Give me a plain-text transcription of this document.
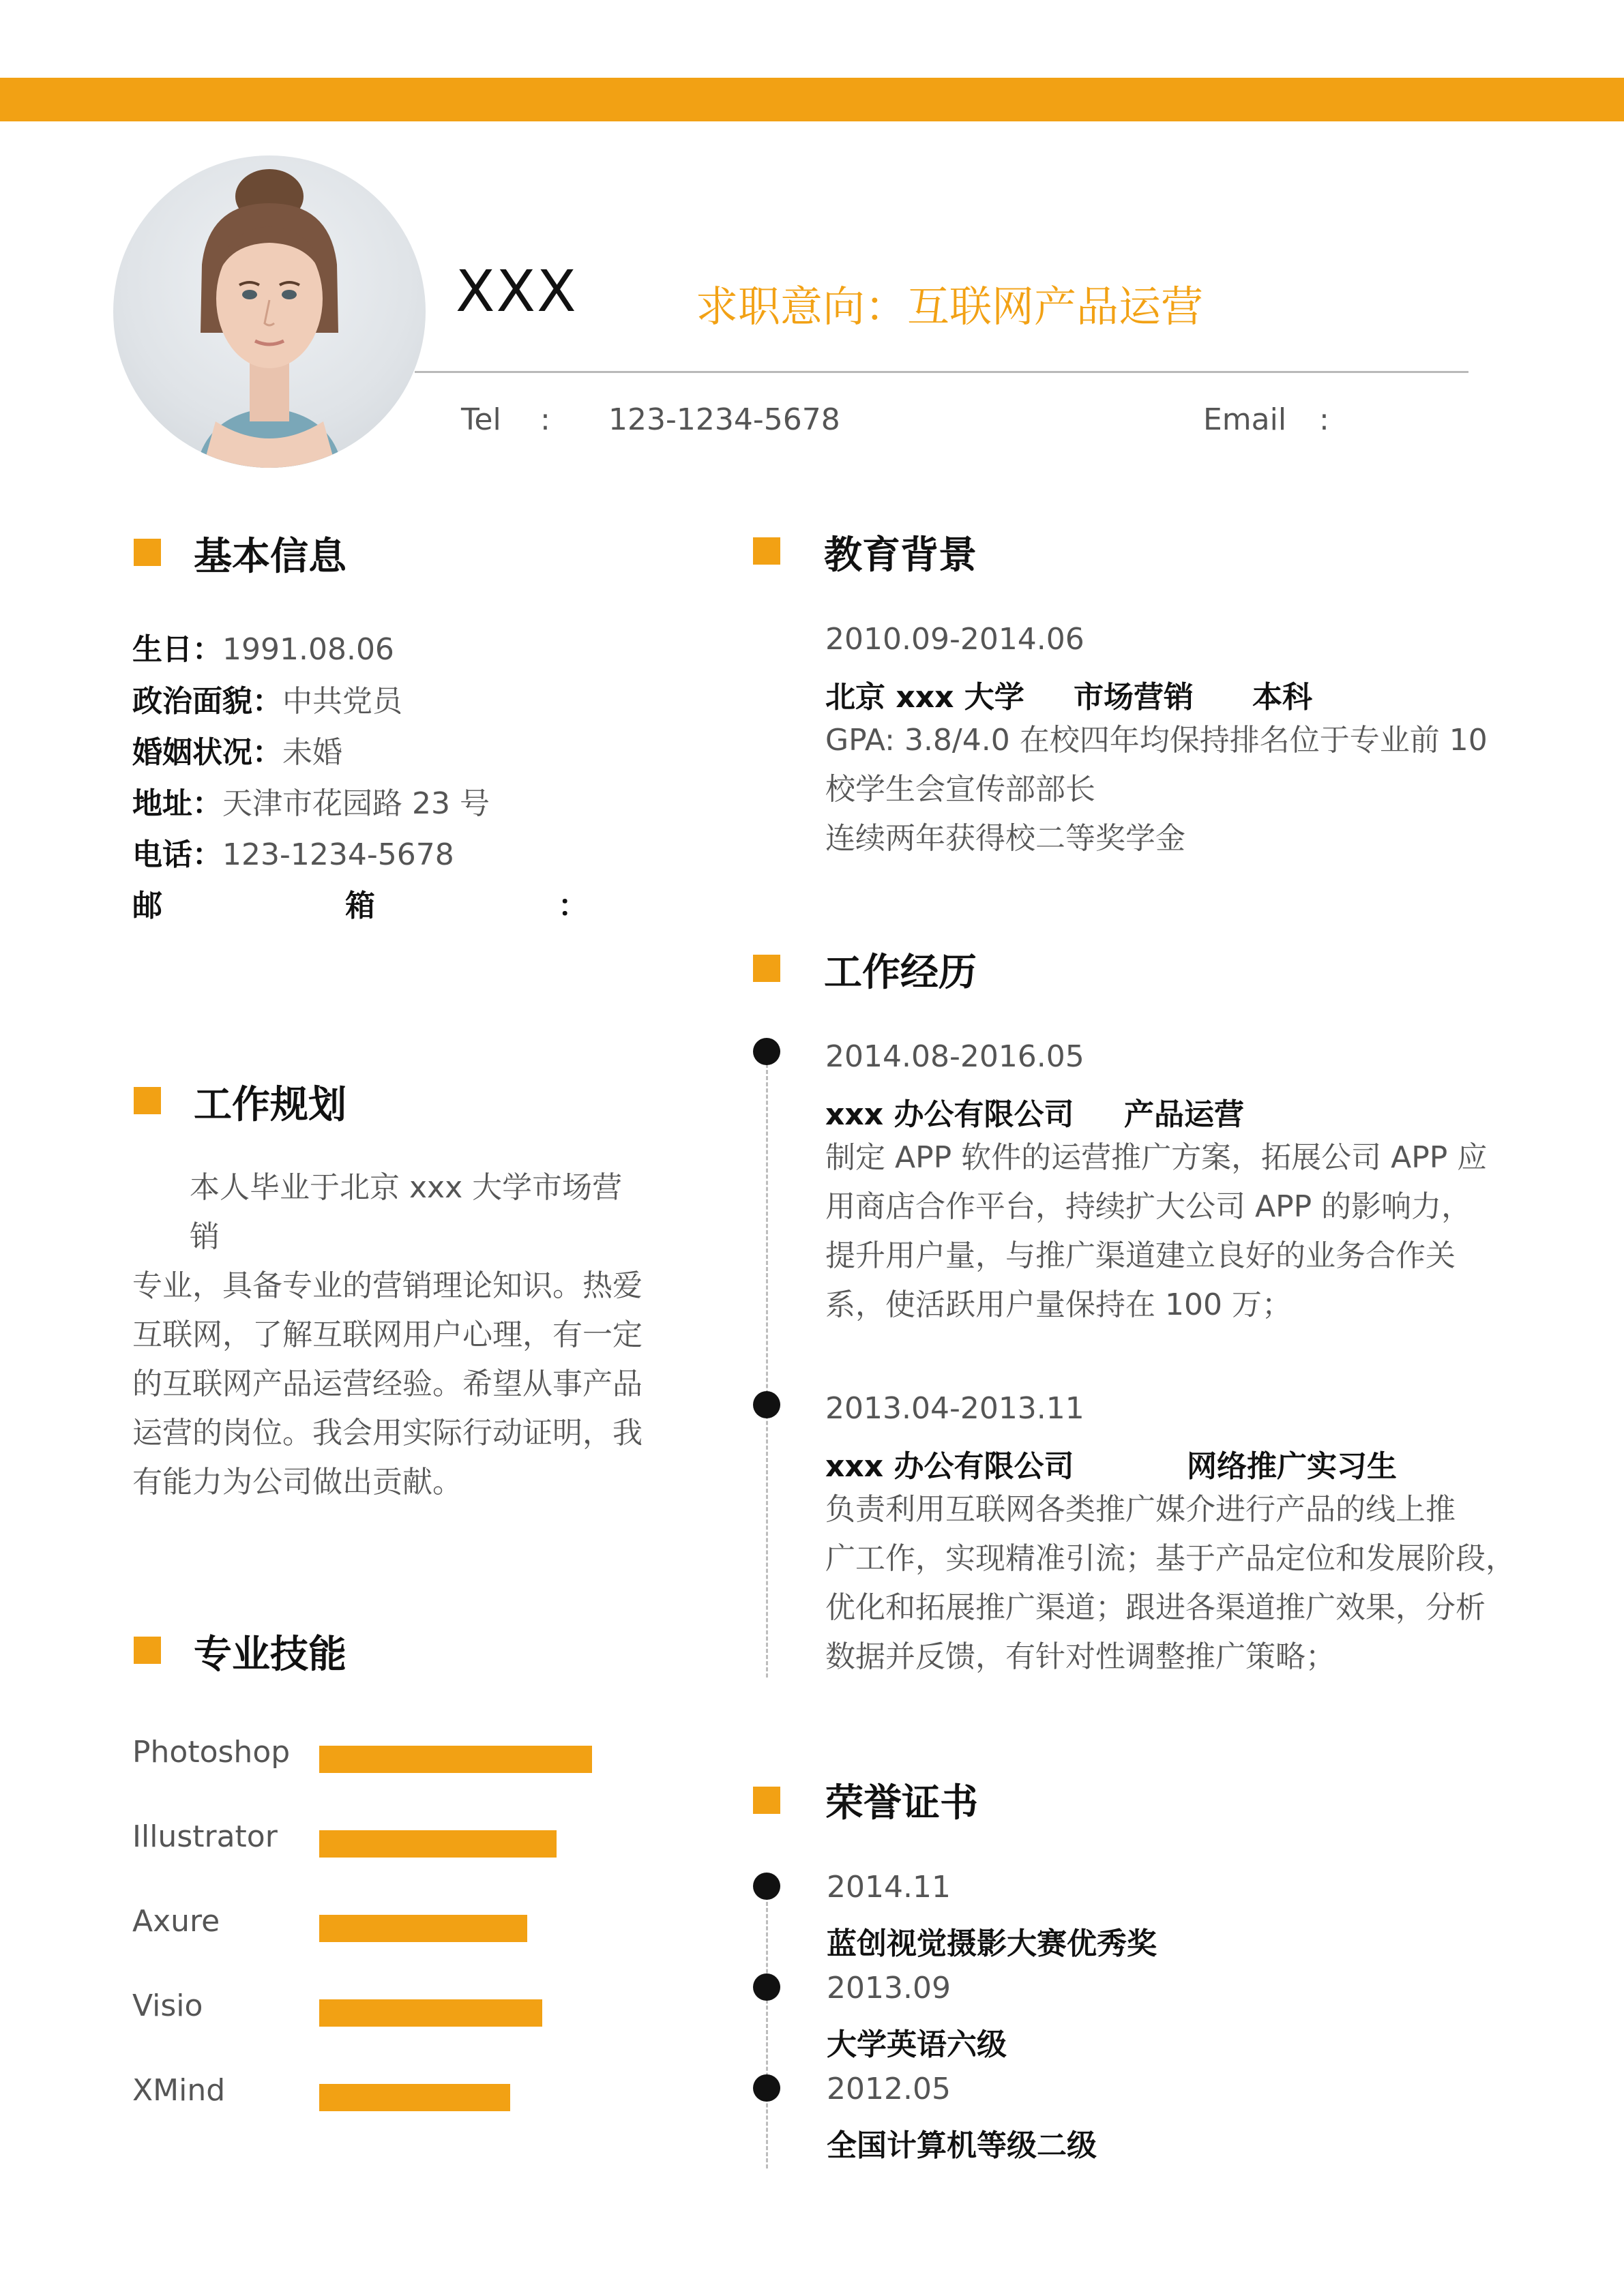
XXX	求职意向：互联网产品运营
Tel : 123-1234-5678	Email :
基本信息
生日：1991.08.06
政治面貌：中共党员
婚姻状况：未婚
地址：天津市花园路 23 号
电话：123-1234-5678
邮	箱	：
工作规划
本人毕业于北京 xxx 大学市场营销
专业，具备专业的营销理论知识。热爱
互联网，了解互联网用户心理，有一定
的互联网产品运营经验。希望从事产品
运营的岗位。我会用实际行动证明，我
有能力为公司做出贡献。
专业技能
Photoshop
Illustrator
Axure
Visio
XMind
教育背景
2010.09-2014.06
北京 xxx 大学 市场营销 本科
GPA: 3.8/4.0 在校四年均保持排名位于专业前 10
校学生会宣传部部长
连续两年获得校二等奖学金
工作经历
2014.08-2016.05
xxx 办公有限公司 产品运营
制定 APP 软件的运营推广方案，拓展公司 APP 应
用商店合作平台，持续扩大公司 APP 的影响力，
提升用户量，与推广渠道建立良好的业务合作关
系，使活跃用户量保持在 100 万；
2013.04-2013.11
xxx 办公有限公司	网络推广实习生
负责利用互联网各类推广媒介进行产品的线上推
广工作，实现精准引流；基于产品定位和发展阶段，
优化和拓展推广渠道；跟进各渠道推广效果，分析
数据并反馈，有针对性调整推广策略；
荣誉证书
2014.11
蓝创视觉摄影大赛优秀奖
2013.09
大学英语六级
2012.05
全国计算机等级二级
